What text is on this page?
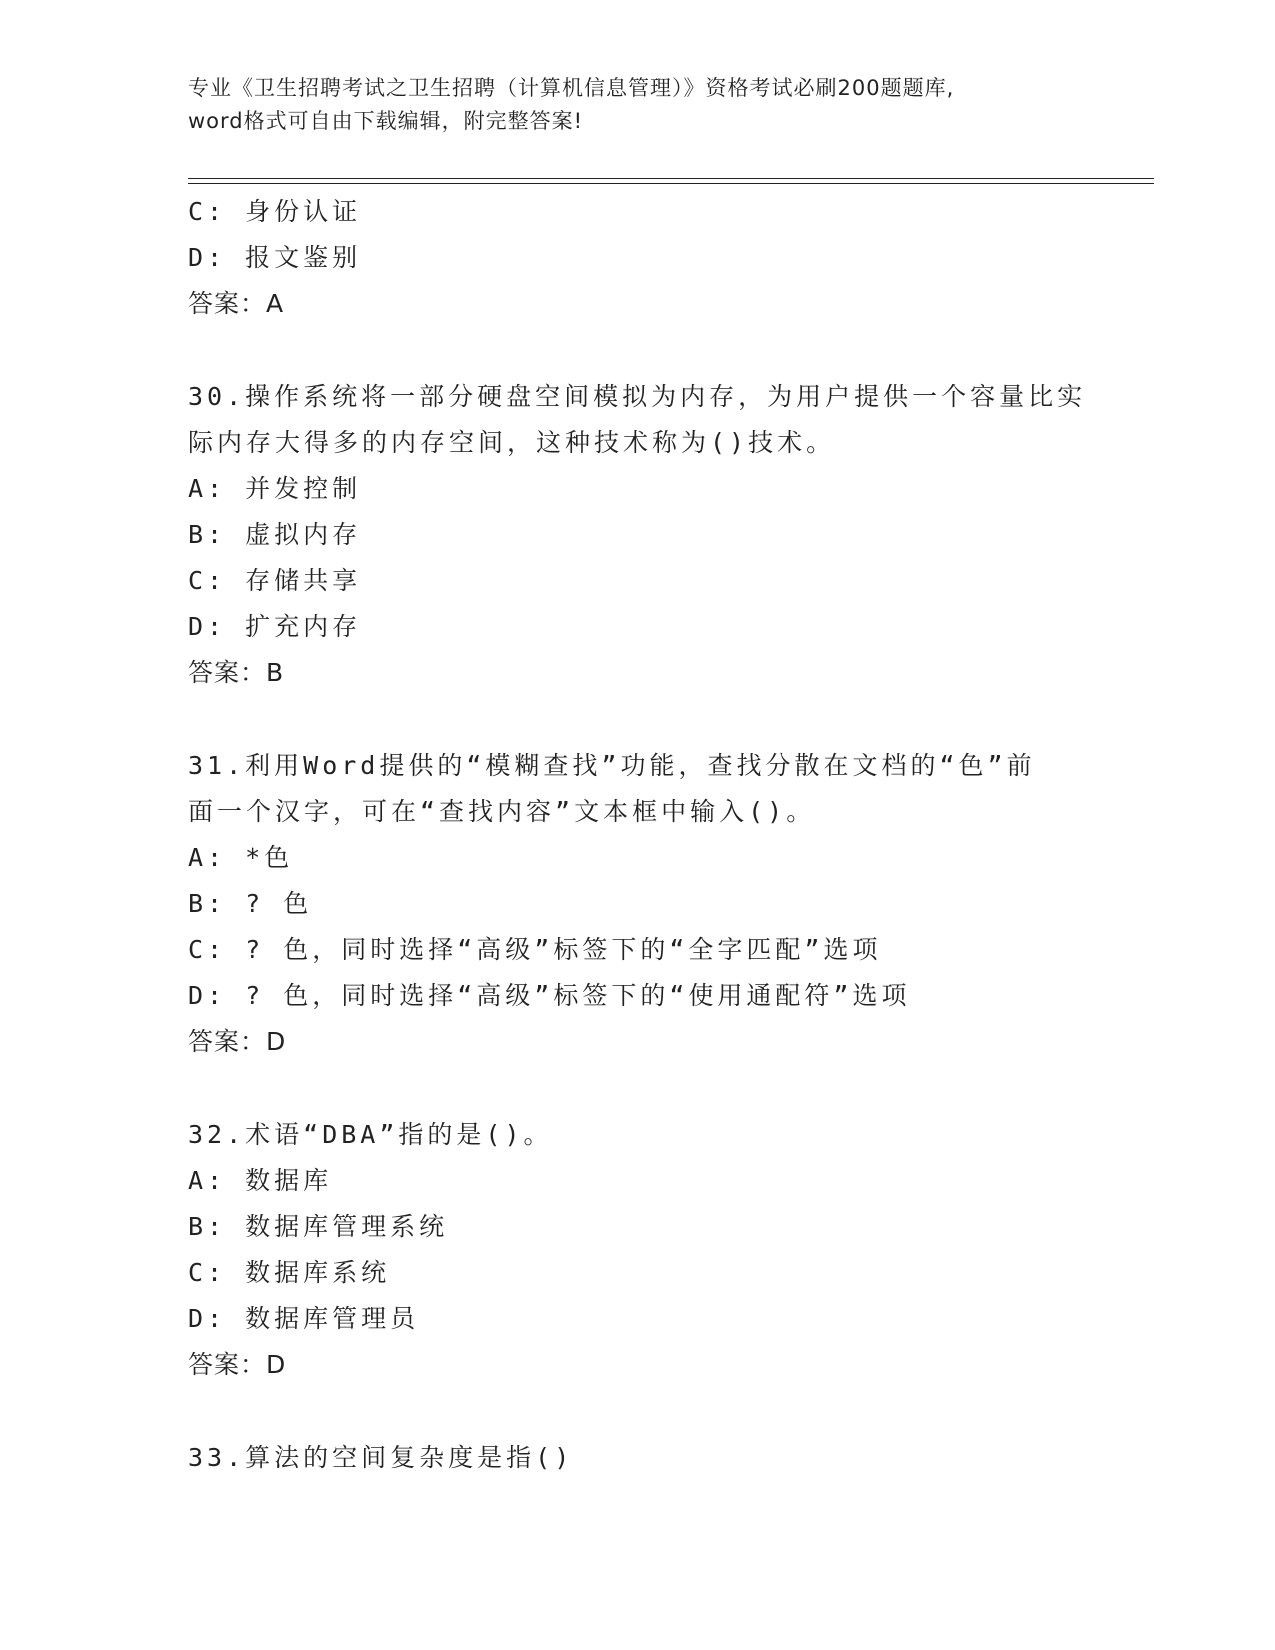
专业《卫生招聘考试之卫生招聘（计算机信息管理）》资格考试必刷200题题库,
word格式可自由下载编辑，附完整答案!
C: 身份认证
D: 报文鉴别
答案：A
30.操作系统将一部分硬盘空间模拟为内存，为用户提供一个容量比实
际内存大得多的内存空间，这种技术称为()技术。
A: 并发控制
B: 虚拟内存
C: 存储共享
D: 扩充内存
答案：B
31.利用Word提供的“模糊查找”功能，查找分散在文档的“色”前
面一个汉字，可在“查找内容”文本框中输入()。
A: *色
B: ? 色
C: ? 色，同时选择“高级”标签下的“全字匹配”选项
D: ? 色，同时选择“高级”标签下的“使用通配符”选项
答案：D
32.术语“DBA”指的是()。
A: 数据库
B: 数据库管理系统
C: 数据库系统
D: 数据库管理员
答案：D
33.算法的空间复杂度是指()
